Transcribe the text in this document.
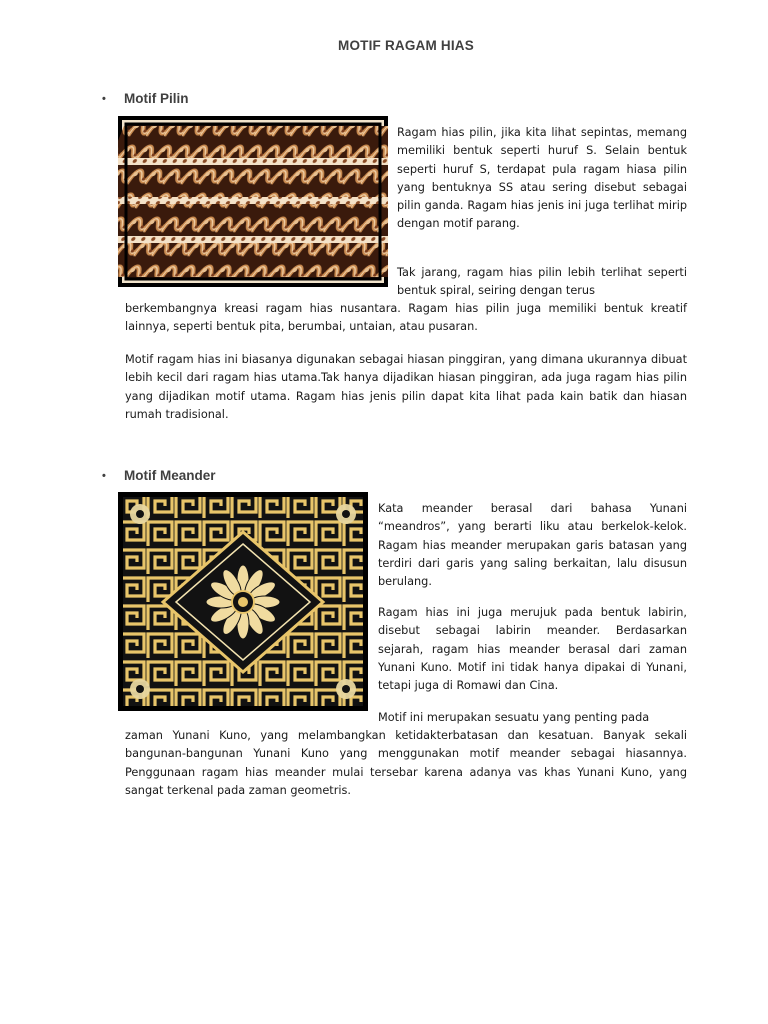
MOTIF RAGAM HIAS
• Motif Pilin

Ragam hias pilin, jika kita lihat sepintas, memang memiliki bentuk seperti huruf S. Selain bentuk seperti huruf S, terdapat pula ragam hiasa pilin yang bentuknya SS atau sering disebut sebagai pilin ganda. Ragam hias jenis ini juga terlihat mirip dengan motif parang.

Tak jarang, ragam hias pilin lebih terlihat seperti bentuk spiral, seiring dengan terus

berkembangnya kreasi ragam hias nusantara. Ragam hias pilin juga memiliki bentuk kreatif lainnya, seperti bentuk pita, berumbai, untaian, atau pusaran.

Motif ragam hias ini biasanya digunakan sebagai hiasan pinggiran, yang dimana ukurannya dibuat lebih kecil dari ragam hias utama.Tak hanya dijadikan hiasan pinggiran, ada juga ragam hias pilin yang dijadikan motif utama. Ragam hias jenis pilin dapat kita lihat pada kain batik dan hiasan rumah tradisional.

• Motif Meander

Kata meander berasal dari bahasa Yunani “meandros”, yang berarti liku atau berkelok-kelok. Ragam hias meander merupakan garis batasan yang terdiri dari garis yang saling berkaitan, lalu disusun berulang.

Ragam hias ini juga merujuk pada bentuk labirin, disebut sebagai labirin meander. Berdasarkan sejarah, ragam hias meander berasal dari zaman Yunani Kuno. Motif ini tidak hanya dipakai di Yunani, tetapi juga di Romawi dan Cina.

Motif ini merupakan sesuatu yang penting pada

zaman Yunani Kuno, yang melambangkan ketidakterbatasan dan kesatuan. Banyak sekali bangunan-bangunan Yunani Kuno yang menggunakan motif meander sebagai hiasannya. Penggunaan ragam hias meander mulai tersebar karena adanya vas khas Yunani Kuno, yang sangat terkenal pada zaman geometris.
